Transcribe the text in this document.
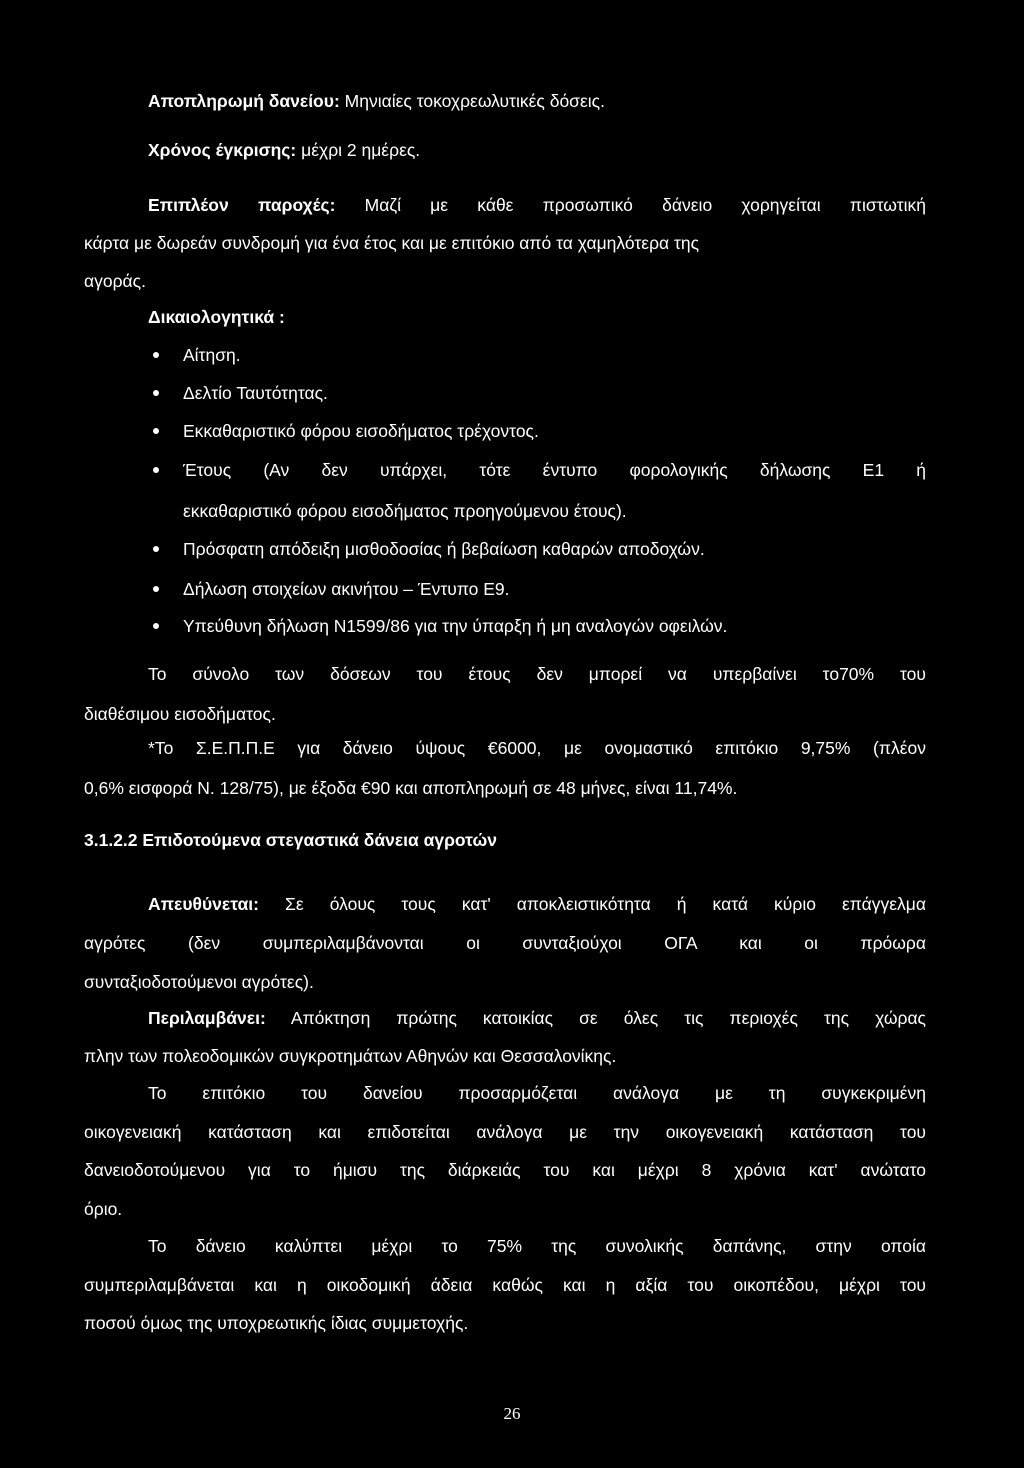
Αποπληρωμή δανείου: Μηνιαίες τοκοχρεωλυτικές δόσεις.

Χρόνος έγκρισης: μέχρι 2 ημέρες.

Επιπλέον παροχές: Μαζί με κάθε προσωπικό δάνειο χορηγείται πιστωτική
κάρτα με δωρεάν συνδρομή για ένα έτος και με επιτόκιο από τα χαμηλότερα της
αγοράς.

Δικαιολογητικά :

Αίτηση.
Δελτίο Ταυτότητας.
Εκκαθαριστικό φόρου εισοδήματος τρέχοντος.
Έτους (Αν δεν υπάρχει, τότε έντυπο φορολογικής δήλωσης Ε1 ή
εκκαθαριστικό φόρου εισοδήματος προηγούμενου έτους).
Πρόσφατη απόδειξη μισθοδοσίας ή βεβαίωση καθαρών αποδοχών.
Δήλωση στοιχείων ακινήτου – Έντυπο Ε9.
Υπεύθυνη δήλωση Ν1599/86 για την ύπαρξη ή μη αναλογών οφειλών.

Το σύνολο των δόσεων του έτους δεν μπορεί να υπερβαίνει το70% του
διαθέσιμου εισοδήματος.

*Το Σ.Ε.Π.Π.Ε για δάνειο ύψους €6000, με ονομαστικό επιτόκιο 9,75% (πλέον
0,6% εισφορά Ν. 128/75), με έξοδα €90 και αποπληρωμή σε 48 μήνες, είναι 11,74%.

3.1.2.2 Επιδοτούμενα στεγαστικά δάνεια αγροτών

Απευθύνεται: Σε όλους τους κατ' αποκλειστικότητα ή κατά κύριο επάγγελμα
αγρότες (δεν συμπεριλαμβάνονται οι συνταξιούχοι ΟΓΑ και οι πρόωρα
συνταξιοδοτούμενοι αγρότες).

Περιλαμβάνει: Απόκτηση πρώτης κατοικίας σε όλες τις περιοχές της χώρας
πλην των πολεοδομικών συγκροτημάτων Αθηνών και Θεσσαλονίκης.

Το επιτόκιο του δανείου προσαρμόζεται ανάλογα με τη συγκεκριμένη
οικογενειακή κατάσταση και επιδοτείται ανάλογα με την οικογενειακή κατάσταση του
δανειοδοτούμενου για το ήμισυ της διάρκειάς του και μέχρι 8 χρόνια κατ' ανώτατο
όριο.

Το δάνειο καλύπτει μέχρι το 75% της συνολικής δαπάνης, στην οποία
συμπεριλαμβάνεται και η οικοδομική άδεια καθώς και η αξία του οικοπέδου, μέχρι του
ποσού όμως της υποχρεωτικής ίδιας συμμετοχής.

26
